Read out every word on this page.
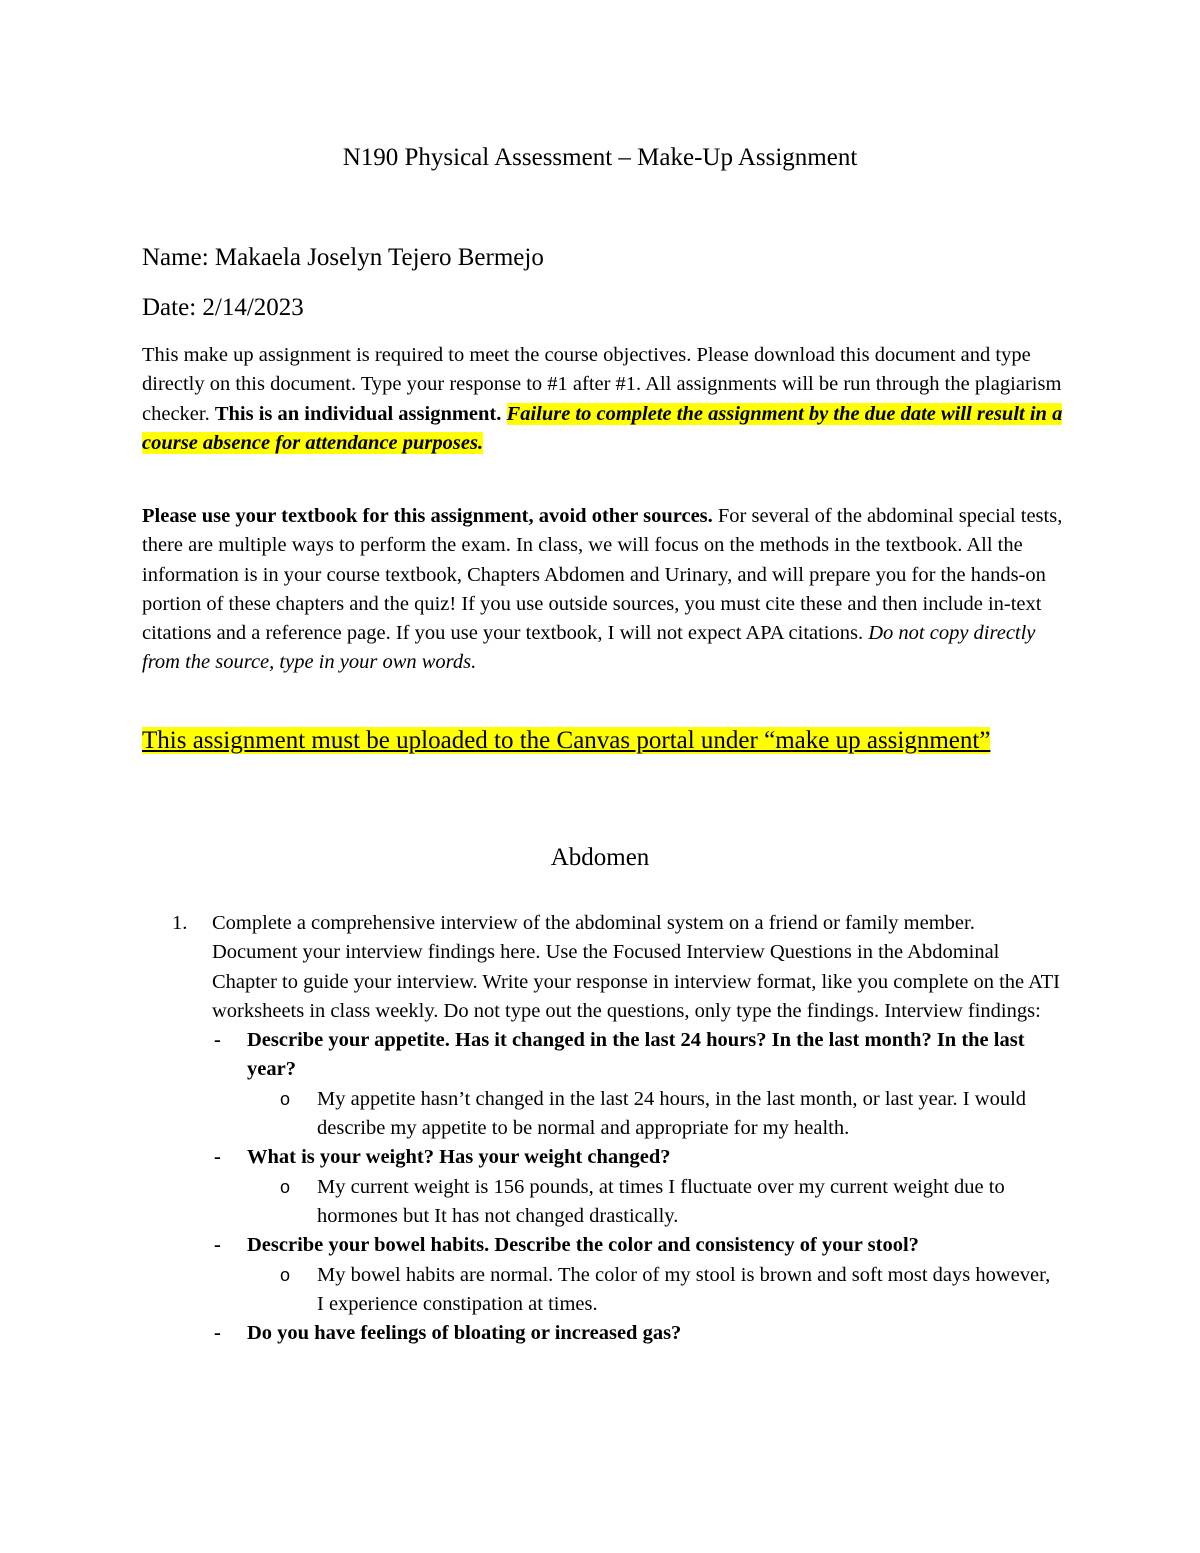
N190 Physical Assessment – Make-Up Assignment
Name: Makaela Joselyn Tejero Bermejo
Date: 2/14/2023
This make up assignment is required to meet the course objectives. Please download this document and type directly on this document. Type your response to #1 after #1. All assignments will be run through the plagiarism checker. This is an individual assignment. Failure to complete the assignment by the due date will result in a course absence for attendance purposes.
Please use your textbook for this assignment, avoid other sources. For several of the abdominal special tests, there are multiple ways to perform the exam. In class, we will focus on the methods in the textbook. All the information is in your course textbook, Chapters Abdomen and Urinary, and will prepare you for the hands-on portion of these chapters and the quiz! If you use outside sources, you must cite these and then include in-text citations and a reference page. If you use your textbook, I will not expect APA citations. Do not copy directly from the source, type in your own words.
This assignment must be uploaded to the Canvas portal under “make up assignment”
Abdomen
1. Complete a comprehensive interview of the abdominal system on a friend or family member. Document your interview findings here. Use the Focused Interview Questions in the Abdominal Chapter to guide your interview. Write your response in interview format, like you complete on the ATI worksheets in class weekly. Do not type out the questions, only type the findings. Interview findings:
- Describe your appetite. Has it changed in the last 24 hours? In the last month? In the last year?
o My appetite hasn’t changed in the last 24 hours, in the last month, or last year. I would describe my appetite to be normal and appropriate for my health.
- What is your weight? Has your weight changed?
o My current weight is 156 pounds, at times I fluctuate over my current weight due to hormones but It has not changed drastically.
- Describe your bowel habits. Describe the color and consistency of your stool?
o My bowel habits are normal. The color of my stool is brown and soft most days however, I experience constipation at times.
- Do you have feelings of bloating or increased gas?
